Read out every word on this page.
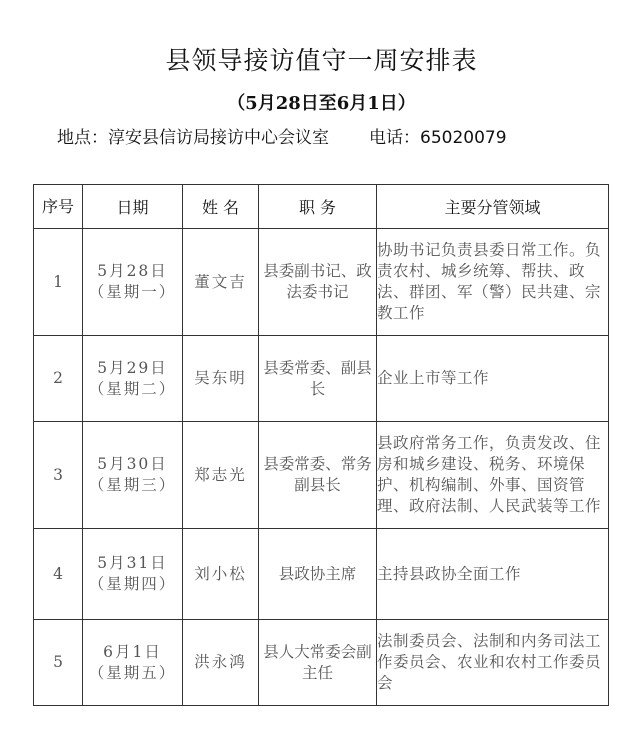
县领导接访值守一周安排表
（5月28日至6月1日）
地点：淳安县信访局接访中心会议室 电话：65020079
序号	日期	姓 名	职 务	主要分管领域
1	5月28日
（星期一）	董文吉	县委副书记、政法委书记	协助书记负责县委日常工作。负责农村、城乡统筹、帮扶、政法、群团、军（警）民共建、宗教工作
2	5月29日
（星期二）	吴东明	县委常委、副县长	企业上市等工作
3	5月30日
（星期三）	郑志光	县委常委、常务副县长	县政府常务工作，负责发改、住房和城乡建设、税务、环境保护、机构编制、外事、国资管理、政府法制、人民武装等工作
4	5月31日
（星期四）	刘小松	县政协主席	主持县政协全面工作
5	6月1日
（星期五）	洪永鸿	县人大常委会副主任	法制委员会、法制和内务司法工作委员会、农业和农村工作委员会
